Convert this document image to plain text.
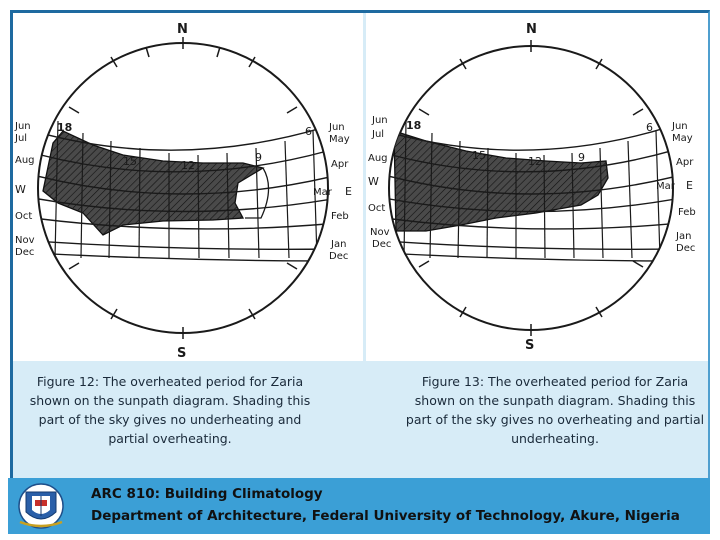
N
S
W	E
18
15	12
9
6
Jun
Jul
Aug
Oct
Nov
Dec
Jun
May
Apr
Mar
Feb
Jan
Dec
N
S
W	E
18
15	12	9
6
Jun
Jul
Aug
Oct
Nov
Dec
Jun
May
Apr
Mar
Feb
Jan
Dec
Figure 12: The overheated period for Zaria shown on the sunpath diagram. Shading this part of the sky gives no underheating and partial overheating.
Figure 13: The overheated period for Zaria shown on the sunpath diagram. Shading this part of the sky gives no overheating and partial underheating.
ARC 810: Building Climatology
Department of Architecture, Federal University of Technology, Akure, Nigeria
